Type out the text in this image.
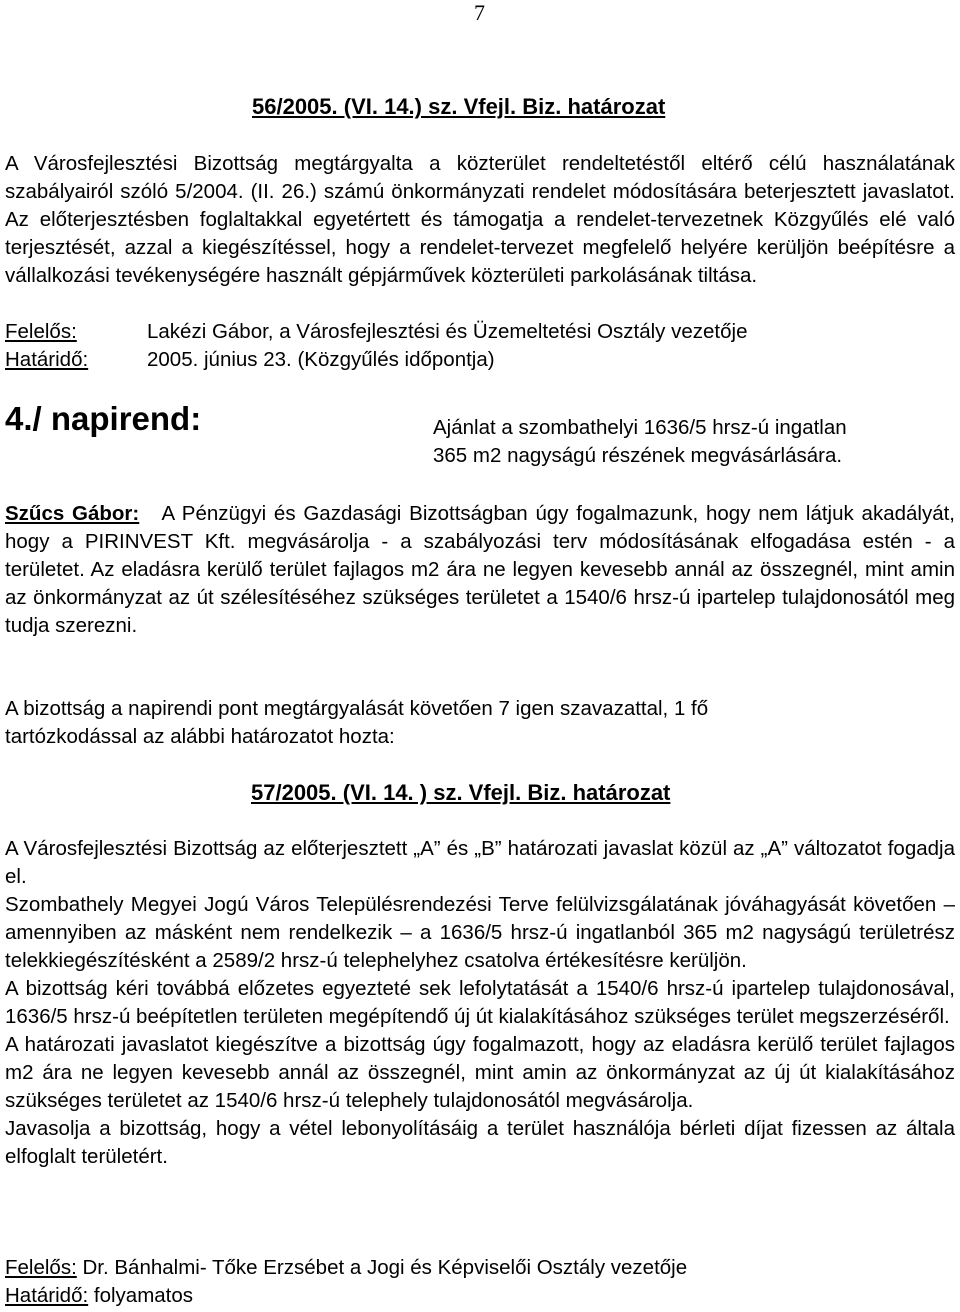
7
56/2005. (VI. 14.) sz. Vfejl. Biz. határozat

A Városfejlesztési Bizottság megtárgyalta a közterület rendeltetéstől eltérő célú használatának szabályairól szóló 5/2004. (II. 26.) számú önkormányzati rendelet módosítására beterjesztett javaslatot. Az előterjesztésben foglaltakkal egyetértett és támogatja a rendelet-tervezetnek Közgyűlés elé való terjesztését, azzal a kiegészítéssel, hogy a rendelet-tervezet megfelelő helyére kerüljön beépítésre a vállalkozási tevékenységére használt gépjárművek közterületi parkolásának tiltása.

Felelős:	Lakézi Gábor, a Városfejlesztési és Üzemeltetési Osztály vezetője
Határidő:	2005. június 23. (Közgyűlés időpontja)
4./ napirend:	Ajánlat a szombathelyi 1636/5 hrsz-ú ingatlan
365 m2 nagyságú részének megvásárlására.

Szűcs Gábor: A Pénzügyi és Gazdasági Bizottságban úgy fogalmazunk, hogy nem látjuk akadályát, hogy a PIRINVEST Kft. megvásárolja - a szabályozási terv módosításának elfogadása estén - a területet. Az eladásra kerülő terület fajlagos m2 ára ne legyen kevesebb annál az összegnél, mint amin az önkormányzat az út szélesítéséhez szükséges területet a 1540/6 hrsz-ú ipartelep tulajdonosától meg tudja szerezni.

A bizottság a napirendi pont megtárgyalását követően 7 igen szavazattal, 1 fő
tartózkodással az alábbi határozatot hozta:
57/2005. (VI. 14. ) sz. Vfejl. Biz. határozat

A Városfejlesztési Bizottság az előterjesztett „A” és „B” határozati javaslat közül az „A” változatot fogadja el.

Szombathely Megyei Jogú Város Településrendezési Terve felülvizsgálatának jóváhagyását követően – amennyiben az másként nem rendelkezik – a 1636/5 hrsz-ú ingatlanból 365 m2 nagyságú területrész telekkiegészítésként a 2589/2 hrsz-ú telephelyhez csatolva értékesítésre kerüljön.

A bizottság kéri továbbá előzetes egyezteté sek lefolytatását a 1540/6 hrsz-ú ipartelep tulajdonosával, 1636/5 hrsz-ú beépítetlen területen megépítendő új út kialakításához szükséges terület megszerzéséről.

A határozati javaslatot kiegészítve a bizottság úgy fogalmazott, hogy az eladásra kerülő terület fajlagos m2 ára ne legyen kevesebb annál az összegnél, mint amin az önkormányzat az új út kialakításához szükséges területet az 1540/6 hrsz-ú telephely tulajdonosától megvásárolja.

Javasolja a bizottság, hogy a vétel lebonyolításáig a terület használója bérleti díjat fizessen az általa elfoglalt területért.

Felelős: Dr. Bánhalmi- Tőke Erzsébet a Jogi és Képviselői Osztály vezetője
Határidő: folyamatos
